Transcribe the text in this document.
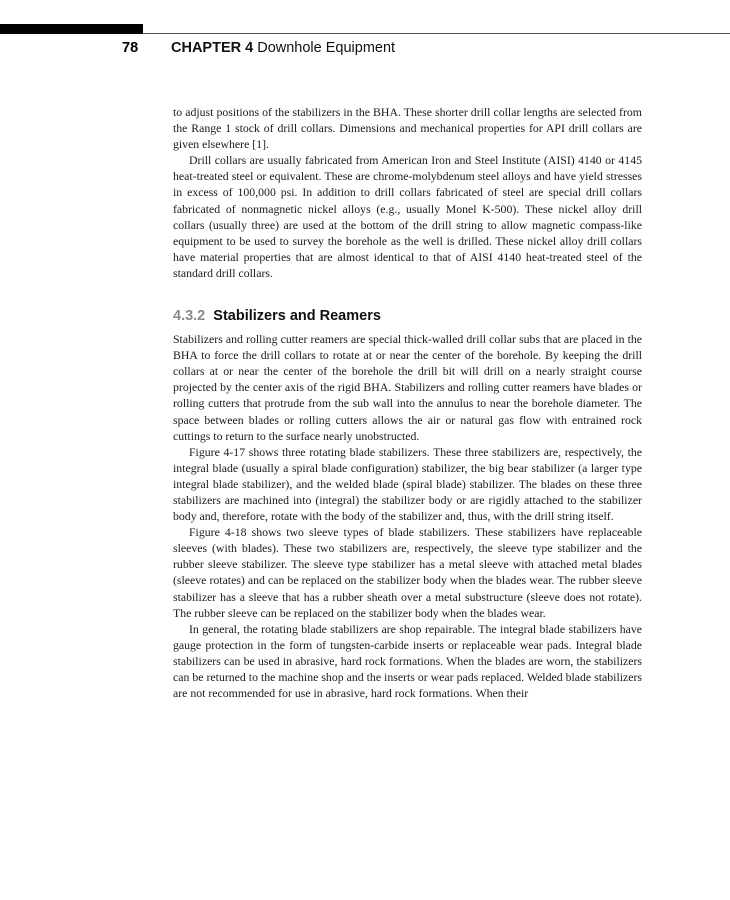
78 CHAPTER 4 Downhole Equipment

to adjust positions of the stabilizers in the BHA. These shorter drill collar lengths are selected from the Range 1 stock of drill collars. Dimensions and mechanical properties for API drill collars are given elsewhere [1].

Drill collars are usually fabricated from American Iron and Steel Institute (AISI) 4140 or 4145 heat-treated steel or equivalent. These are chrome-molybdenum steel alloys and have yield stresses in excess of 100,000 psi. In addition to drill collars fabricated of steel are special drill collars fabricated of nonmagnetic nickel alloys (e.g., usually Monel K-500). These nickel alloy drill collars (usually three) are used at the bottom of the drill string to allow magnetic compass-like equipment to be used to survey the borehole as the well is drilled. These nickel alloy drill collars have material properties that are almost identical to that of AISI 4140 heat-treated steel of the standard drill collars.

4.3.2 Stabilizers and Reamers

Stabilizers and rolling cutter reamers are special thick-walled drill collar subs that are placed in the BHA to force the drill collars to rotate at or near the center of the borehole. By keeping the drill collars at or near the center of the borehole the drill bit will drill on a nearly straight course projected by the center axis of the rigid BHA. Stabilizers and rolling cutter reamers have blades or rolling cutters that protrude from the sub wall into the annulus to near the borehole diameter. The space between blades or rolling cutters allows the air or natural gas flow with entrained rock cuttings to return to the surface nearly unobstructed.

Figure 4-17 shows three rotating blade stabilizers. These three stabilizers are, respectively, the integral blade (usually a spiral blade configuration) stabilizer, the big bear stabilizer (a larger type integral blade stabilizer), and the welded blade (spiral blade) stabilizer. The blades on these three stabilizers are machined into (integral) the stabilizer body or are rigidly attached to the stabilizer body and, therefore, rotate with the body of the stabilizer and, thus, with the drill string itself.

Figure 4-18 shows two sleeve types of blade stabilizers. These stabilizers have replaceable sleeves (with blades). These two stabilizers are, respectively, the sleeve type stabilizer and the rubber sleeve stabilizer. The sleeve type stabilizer has a metal sleeve with attached metal blades (sleeve rotates) and can be replaced on the stabilizer body when the blades wear. The rubber sleeve stabilizer has a sleeve that has a rubber sheath over a metal substructure (sleeve does not rotate). The rubber sleeve can be replaced on the stabilizer body when the blades wear.

In general, the rotating blade stabilizers are shop repairable. The integral blade stabilizers have gauge protection in the form of tungsten-carbide inserts or replaceable wear pads. Integral blade stabilizers can be used in abrasive, hard rock formations. When the blades are worn, the stabilizers can be returned to the machine shop and the inserts or wear pads replaced. Welded blade stabilizers are not recommended for use in abrasive, hard rock formations. When their
